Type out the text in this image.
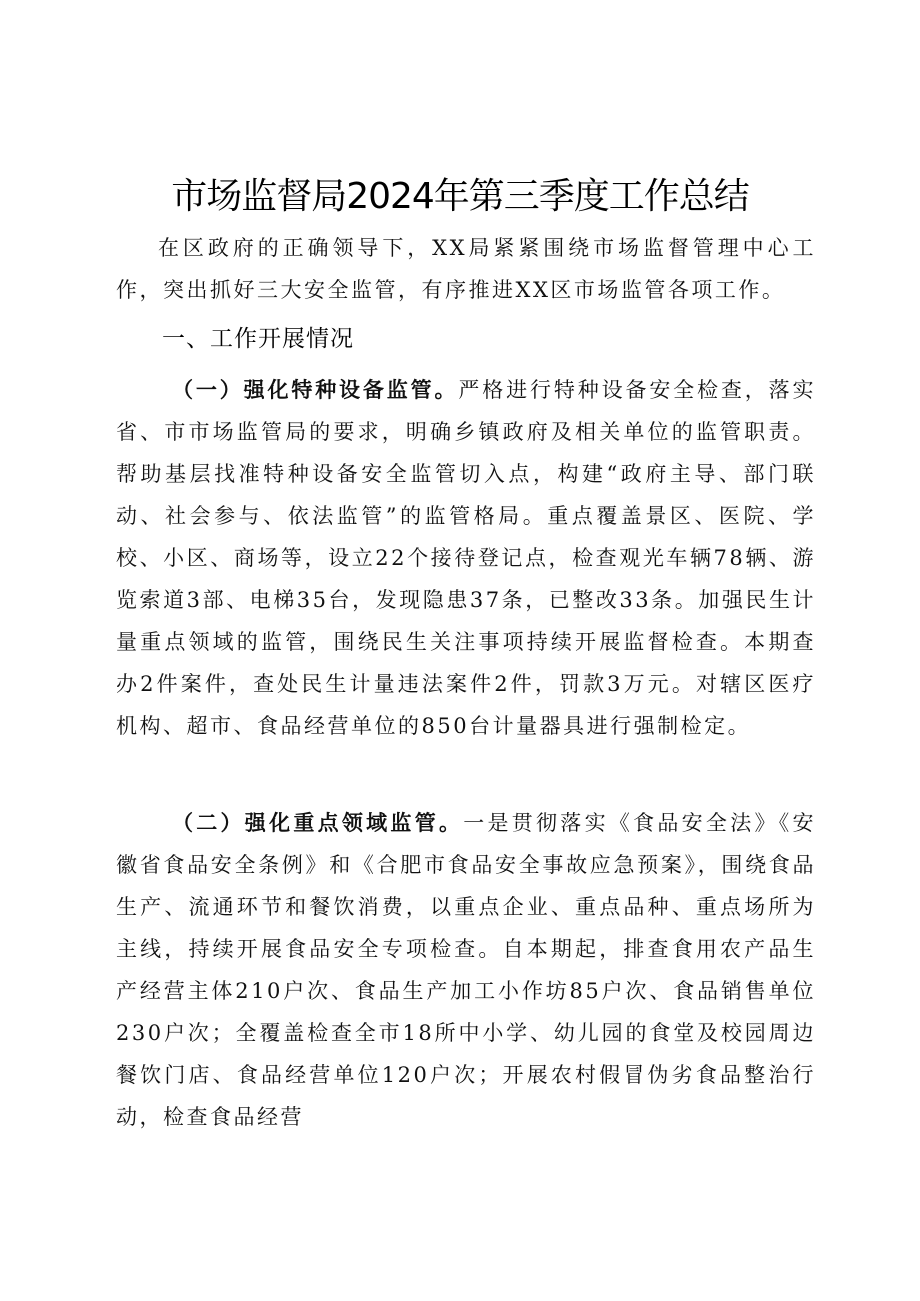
市场监督局2024年第三季度工作总结

在区政府的正确领导下，XX局紧紧围绕市场监督管理中心工作，突出抓好三大安全监管，有序推进XX区市场监管各项工作。

一、工作开展情况

（一）强化特种设备监管。严格进行特种设备安全检查，落实省、市市场监管局的要求，明确乡镇政府及相关单位的监管职责。帮助基层找准特种设备安全监管切入点，构建“政府主导、部门联动、社会参与、依法监管”的监管格局。重点覆盖景区、医院、学校、小区、商场等，设立22个接待登记点，检查观光车辆78辆、游览索道3部、电梯35台，发现隐患37条，已整改33条。加强民生计量重点领域的监管，围绕民生关注事项持续开展监督检查。本期查办2件案件，查处民生计量违法案件2件，罚款3万元。对辖区医疗机构、超市、食品经营单位的850台计量器具进行强制检定。

（二）强化重点领域监管。一是贯彻落实《食品安全法》《安徽省食品安全条例》和《合肥市食品安全事故应急预案》，围绕食品生产、流通环节和餐饮消费，以重点企业、重点品种、重点场所为主线，持续开展食品安全专项检查。自本期起，排查食用农产品生产经营主体210户次、食品生产加工小作坊85户次、食品销售单位230户次；全覆盖检查全市18所中小学、幼儿园的食堂及校园周边餐饮门店、食品经营单位120户次；开展农村假冒伪劣食品整治行动，检查食品经营
